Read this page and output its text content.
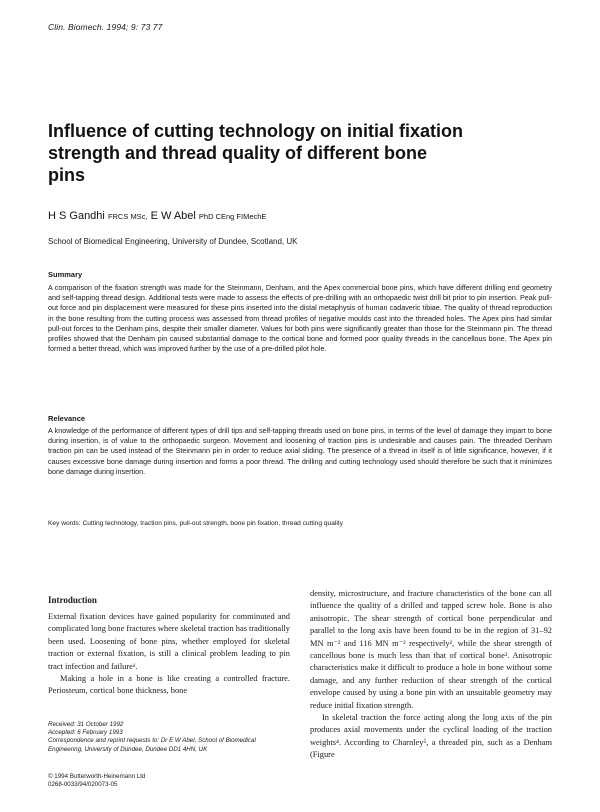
Clin. Biomech. 1994; 9: 73 77
Influence of cutting technology on initial fixation strength and thread quality of different bone pins
H S Gandhi FRCS MSc, E W Abel PhD CEng FIMechE
School of Biomedical Engineering, University of Dundee, Scotland, UK
Summary
A comparison of the fixation strength was made for the Steinmann, Denham, and the Apex commercial bone pins, which have different drilling end geometry and self-tapping thread design. Additional tests were made to assess the effects of pre-drilling with an orthopaedic twist drill bit prior to pin insertion. Peak pull-out force and pin displacement were measured for these pins inserted into the distal metaphysis of human cadaveric tibiae. The quality of thread reproduction in the bone resulting from the cutting process was assessed from thread profiles of negative moulds cast into the threaded holes. The Apex pins had similar pull-out forces to the Denham pins, despite their smaller diameter. Values for both pins were significantly greater than those for the Steinmann pin. The thread profiles showed that the Denham pin caused substantial damage to the cortical bone and formed poor quality threads in the cancellous bone. The Apex pin formed a better thread, which was improved further by the use of a pre-drilled pilot hole.
Relevance
A knowledge of the performance of different types of drill tips and self-tapping threads used on bone pins, in terms of the level of damage they impart to bone during insertion, is of value to the orthopaedic surgeon. Movement and loosening of traction pins is undesirable and causes pain. The threaded Denham traction pin can be used instead of the Steinmann pin in order to reduce axial sliding. The presence of a thread in itself is of little significance, however, if it causes excessive bone damage during insertion and forms a poor thread. The drilling and cutting technology used should therefore be such that it minimizes bone damage during insertion.
Key words: Cutting technology, traction pins, pull-out strength, bone pin fixation, thread cutting quality
Introduction

External fixation devices have gained popularity for comminuted and complicated long bone fractures where skeletal traction has traditionally been used. Loosening of bone pins, whether employed for skeletal traction or external fixation, is still a clinical problem leading to pin tract infection and failure¹.

Making a hole in a bone is like creating a controlled fracture. Periosteum, cortical bone thickness, bone

Received: 31 October 1992
Accepted: 6 February 1993
Correspondence and reprint requests to: Dr E W Abel, School of Biomedical Engineering, University of Dundee, Dundee DD1 4HN, UK
© 1994 Butterworth-Heinemann Ltd
0268-0033/94/020073-05

density, microstructure, and fracture characteristics of the bone can all influence the quality of a drilled and tapped screw hole. Bone is also anisotropic. The shear strength of cortical bone perpendicular and parallel to the long axis have been found to be in the region of 31–92 MN m⁻² and 116 MN m⁻² respectively², while the shear strength of cancellous bone is much less than that of cortical bone³. Anisotropic characteristics make it difficult to produce a hole in bone without some damage, and any further reduction of shear strength of the cortical envelope caused by using a bone pin with an unsuitable geometry may reduce initial fixation strength.

In skeletal traction the force acting along the long axis of the pin produces axial movements under the cyclical loading of the traction weights⁴. According to Charnley⁵, a threaded pin, such as a Denham (Figure
